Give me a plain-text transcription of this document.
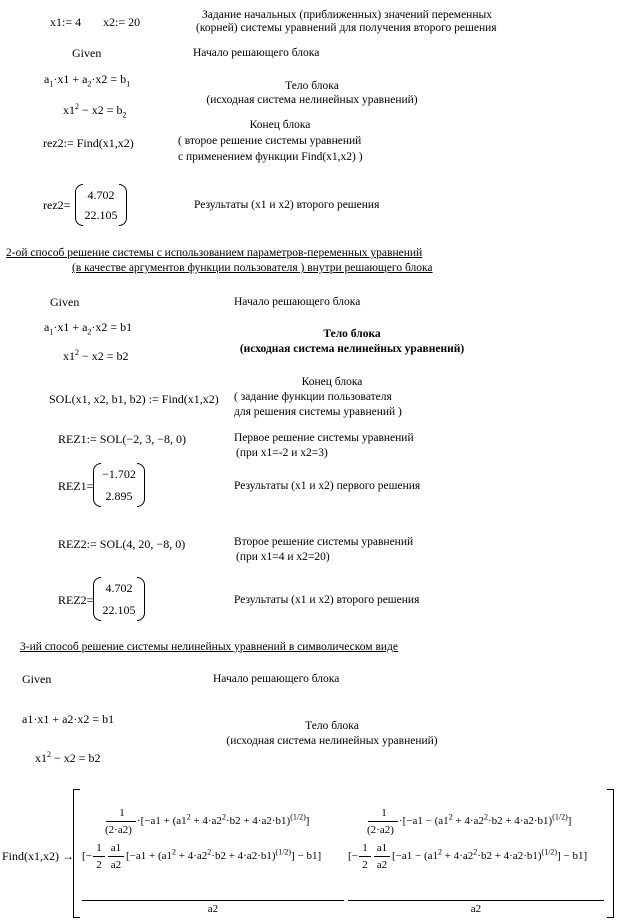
x1:= 4 x2:= 20	Задание начальных (приближенных) значений переменных
(корней) системы уравнений для получения второго решения
Given	Начало решающего блока
$a_1\cdot x1 + a_2\cdot x2 = b_1$	Тело блока
(исходная система нелинейных уравнений)
$x1^2 - x2 = b_2$
Конец блока
( второе решение системы уравнений
с применением функции Find(x1,x2) )
rez2:= Find(x1,x2)
rez2=
4.702
22.105
Результаты (x1 и x2) второго решения
2-ой способ решение системы с использованием параметров-переменных уравнений
(в качестве аргументов функции пользователя ) внутри решающего блока
Given	Начало решающего блока
$a_1\cdot x1 + a_2\cdot x2 = b1$	Тело блока
(исходная система нелинейных уравнений)
$x1^2 - x2 = b2$
Конец блока
( задание функции пользователя
для решения системы уравнений )
SOL(x1, x2, b1, b2) := Find(x1,x2)
REZ1:= SOL(−2, 3, −8, 0)	Первое решение системы уравнений
(при x1=-2 и x2=3)
REZ1=
−1.702
2.895
Результаты (x1 и x2) первого решения
REZ2:= SOL(4, 20, −8, 0)	Второе решение системы уравнений
(при x1=4 и x2=20)
REZ2=
4.702
22.105
Результаты (x1 и x2) второго решения
3-ий способ решение системы нелинейных уравнений в символическом виде
Given	Начало решающего блока
a1·x1 + a2·x2 = b1	Тело блока
(исходная система нелинейных уравнений)
$x1^2 - x2 = b2$
Find(x1,x2) →
1
(2·a2)
$\cdot[-a1 + (a1^2 + 4\cdot a2^2\cdot b2 + 4\cdot a2\cdot b1)^{(1/2)}]$
[−
1
2
a1
a2
$[-a1 + (a1^2 + 4\cdot a2^2\cdot b2 + 4\cdot a2\cdot b1)^{(1/2)}] - b1$]
a2
1
(2·a2)
$\cdot[-a1 - (a1^2 + 4\cdot a2^2\cdot b2 + 4\cdot a2\cdot b1)^{(1/2)}]$
[−
1
2
a1
a2
$[-a1 - (a1^2 + 4\cdot a2^2\cdot b2 + 4\cdot a2\cdot b1)^{(1/2)}] - b1$]
a2
